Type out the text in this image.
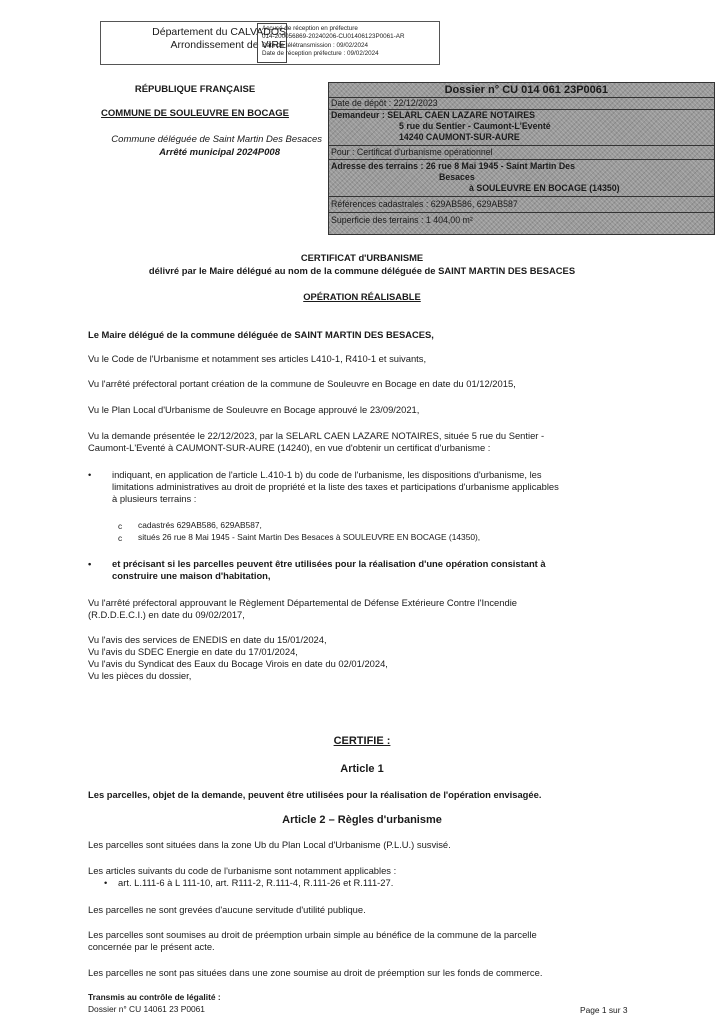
Département du CALVADOS
Arrondissement de VIRE
Accusé de réception en préfecture
014-200056869-20240206-CU01406123P0061-AR
Date de télétransmission : 09/02/2024
Date de réception préfecture : 09/02/2024
RÉPUBLIQUE FRANÇAISE
COMMUNE DE SOULEUVRE EN BOCAGE
Commune déléguée de Saint Martin Des Besaces
Arrêté municipal 2024P008
Dossier n° CU 014 061 23P0061
Date de dépôt : 22/12/2023
Demandeur : SELARL CAEN LAZARE NOTAIRES
5 rue du Sentier - Caumont-L'Eventé
14240 CAUMONT-SUR-AURE
Pour : Certificat d'urbanisme opérationnel
Adresse des terrains : 26 rue 8 Mai 1945 - Saint Martin Des
Besaces
à SOULEUVRE EN BOCAGE (14350)
Références cadastrales : 629AB586, 629AB587
Superficie des terrains : 1 404,00 m²
CERTIFICAT d'URBANISME
délivré par le Maire délégué au nom de la commune déléguée de SAINT MARTIN DES BESACES
OPÉRATION RÉALISABLE
Le Maire délégué de la commune déléguée de SAINT MARTIN DES BESACES,
Vu le Code de l'Urbanisme et notamment ses articles L410-1, R410-1 et suivants,
Vu l'arrêté préfectoral portant création de la commune de Souleuvre en Bocage en date du 01/12/2015,
Vu le Plan Local d'Urbanisme de Souleuvre en Bocage approuvé le 23/09/2021,
Vu la demande présentée le 22/12/2023, par la SELARL CAEN LAZARE NOTAIRES, située 5 rue du Sentier -
Caumont-L'Eventé à CAUMONT-SUR-AURE (14240), en vue d'obtenir un certificat d'urbanisme :
• indiquant, en application de l'article L.410-1 b) du code de l'urbanisme, les dispositions d'urbanisme, les
limitations administratives au droit de propriété et la liste des taxes et participations d'urbanisme applicables
à plusieurs terrains :
c cadastrés 629AB586, 629AB587,
c situés 26 rue 8 Mai 1945 - Saint Martin Des Besaces à SOULEUVRE EN BOCAGE (14350),
• et précisant si les parcelles peuvent être utilisées pour la réalisation d'une opération consistant à
construire une maison d'habitation,
Vu l'arrêté préfectoral approuvant le Règlement Départemental de Défense Extérieure Contre l'Incendie
(R.D.D.E.C.I.) en date du 09/02/2017,
Vu l'avis des services de ENEDIS en date du 15/01/2024,
Vu l'avis du SDEC Energie en date du 17/01/2024,
Vu l'avis du Syndicat des Eaux du Bocage Virois en date du 02/01/2024,
Vu les pièces du dossier,
CERTIFIE :
Article 1
Les parcelles, objet de la demande, peuvent être utilisées pour la réalisation de l'opération envisagée.
Article 2 – Règles d'urbanisme
Les parcelles sont situées dans la zone Ub du Plan Local d'Urbanisme (P.L.U.) susvisé.
Les articles suivants du code de l'urbanisme sont notamment applicables :
• art. L.111-6 à L 111-10, art. R111-2, R.111-4, R.111-26 et R.111-27.
Les parcelles ne sont grevées d'aucune servitude d'utilité publique.
Les parcelles sont soumises au droit de préemption urbain simple au bénéfice de la commune de la parcelle
concernée par le présent acte.
Les parcelles ne sont pas situées dans une zone soumise au droit de préemption sur les fonds de commerce.
Transmis au contrôle de légalité :
Dossier n° CU 14061 23 P0061	Page 1 sur 3
